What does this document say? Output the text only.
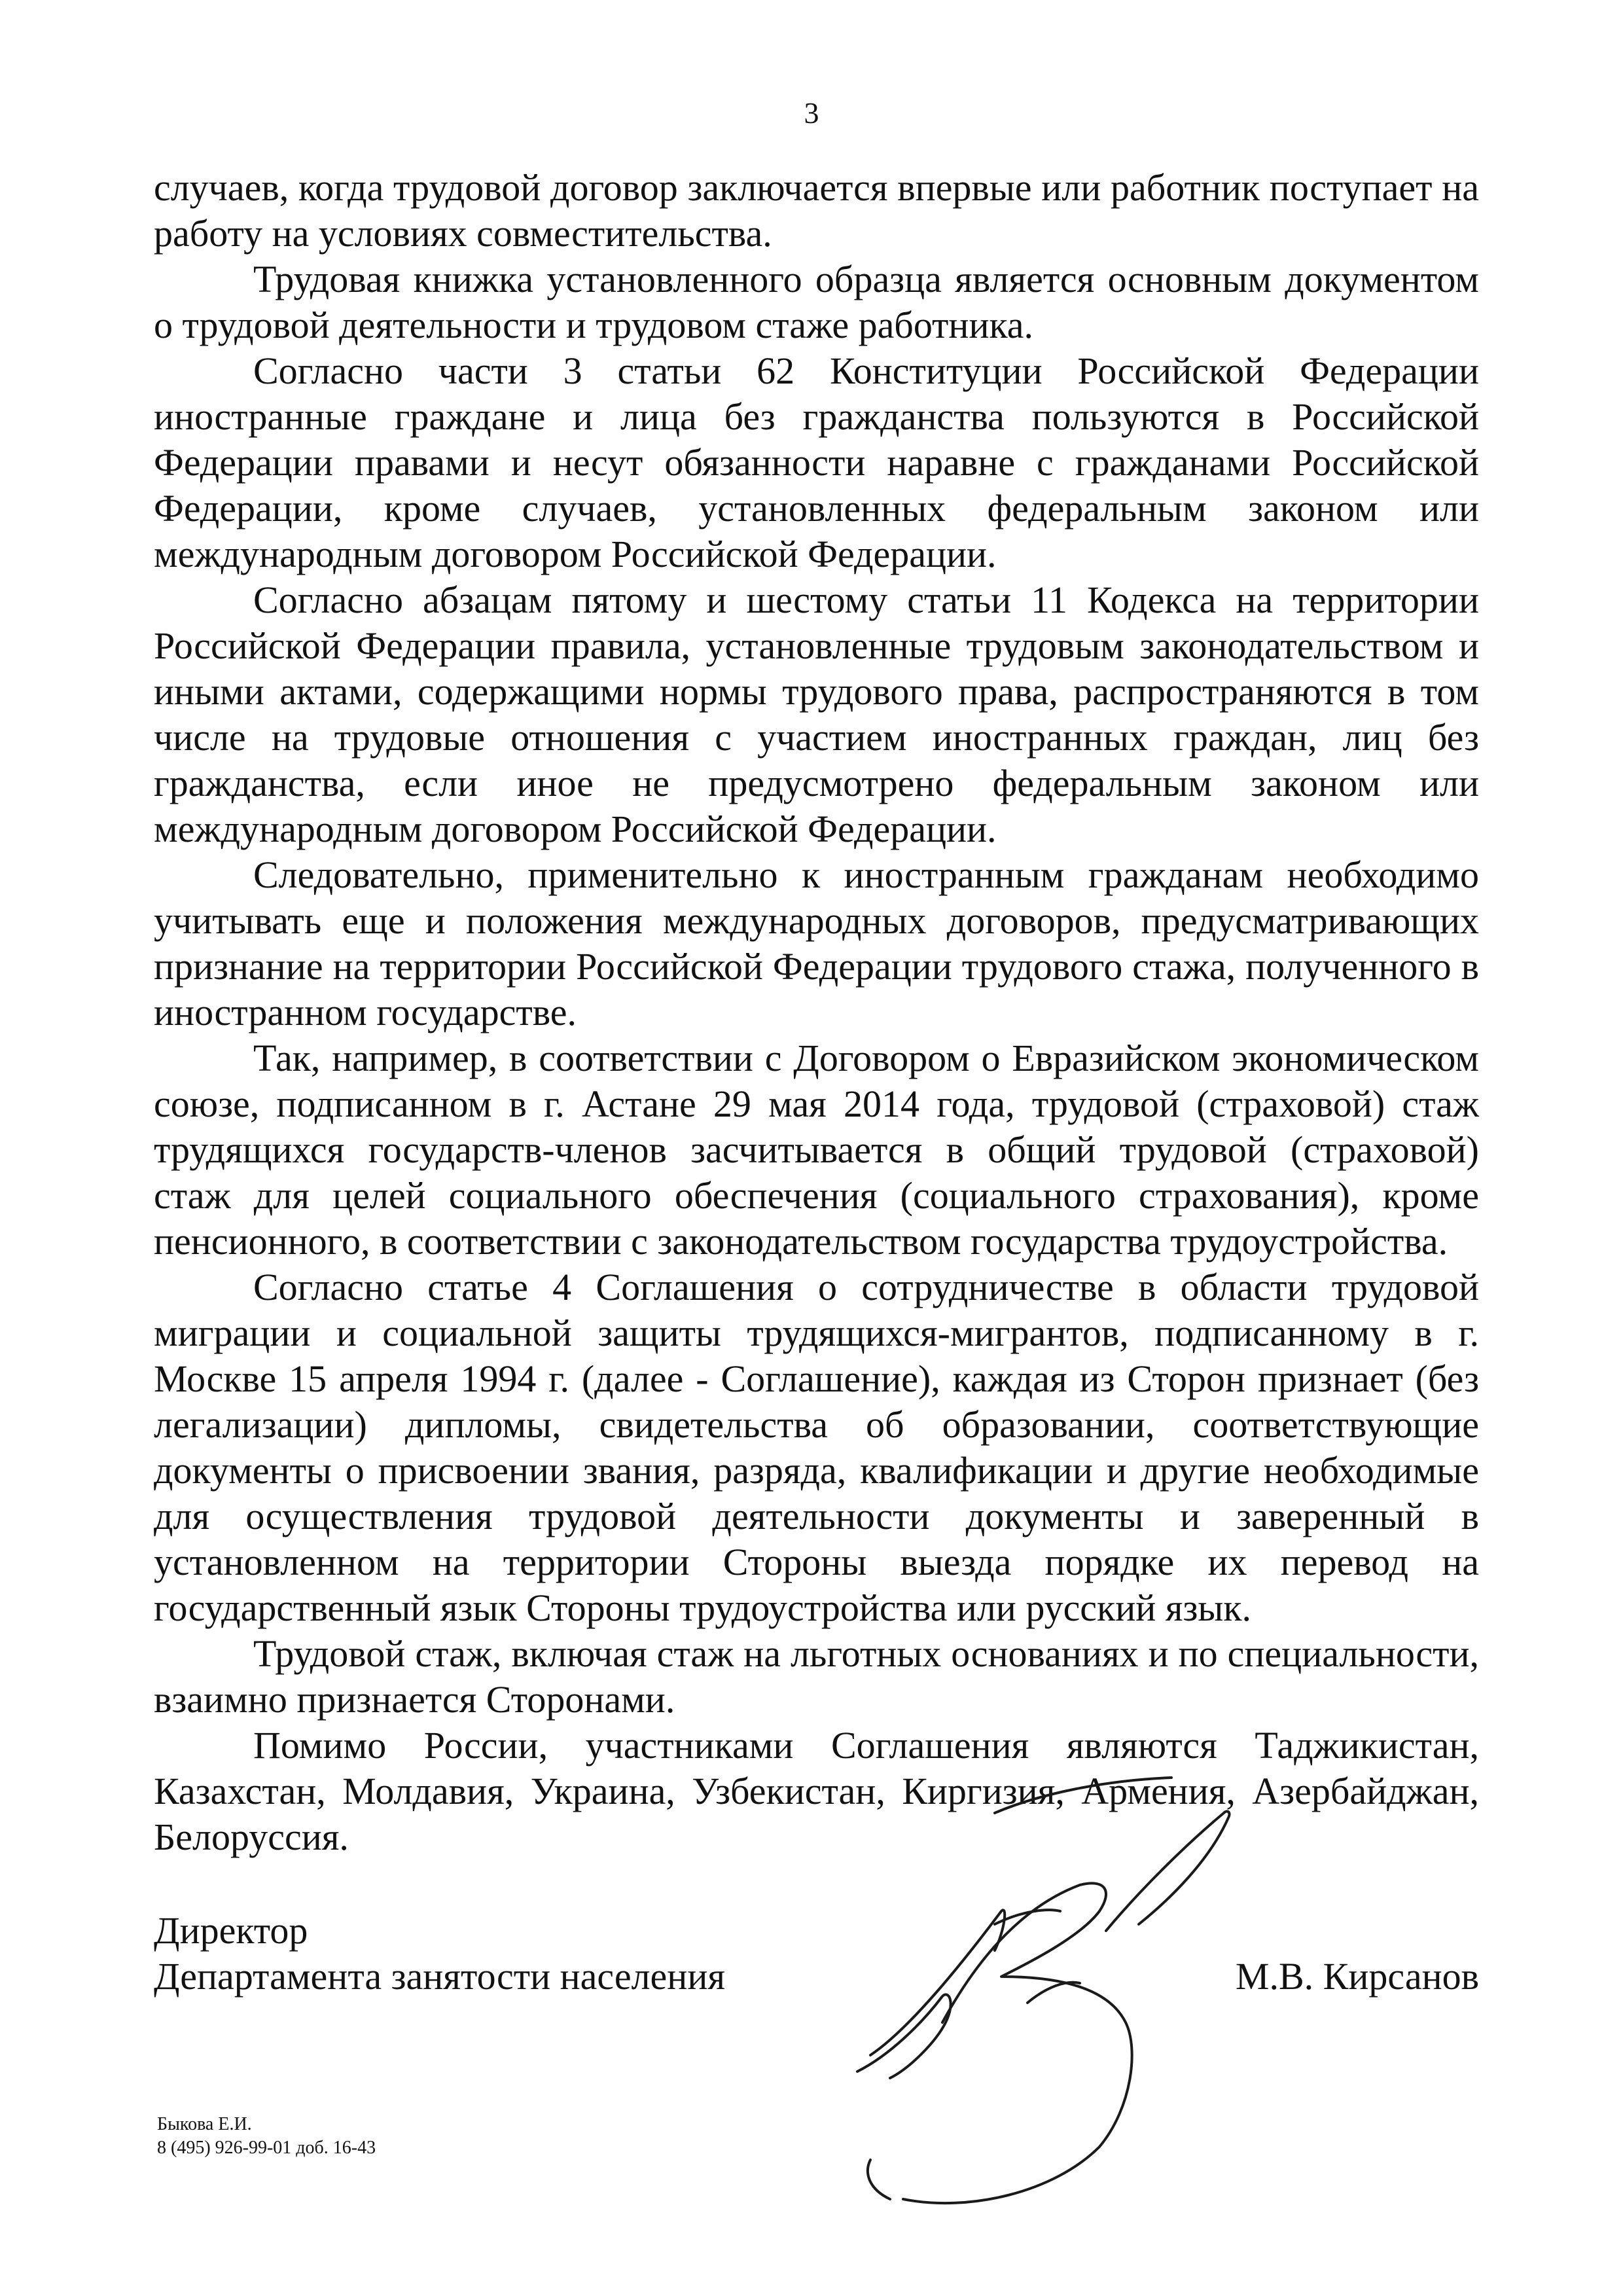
3

случаев, когда трудовой договор заключается впервые или работник поступает на работу на условиях совместительства.

Трудовая книжка установленного образца является основным документом о трудовой деятельности и трудовом стаже работника.

Согласно части 3 статьи 62 Конституции Российской Федерации иностранные граждане и лица без гражданства пользуются в Российской Федерации правами и несут обязанности наравне с гражданами Российской Федерации, кроме случаев, установленных федеральным законом или международным договором Российской Федерации.

Согласно абзацам пятому и шестому статьи 11 Кодекса на территории Российской Федерации правила, установленные трудовым законодательством и иными актами, содержащими нормы трудового права, распространяются в том числе на трудовые отношения с участием иностранных граждан, лиц без гражданства, если иное не предусмотрено федеральным законом или международным договором Российской Федерации.

Следовательно, применительно к иностранным гражданам необходимо учитывать еще и положения международных договоров, предусматривающих признание на территории Российской Федерации трудового стажа, полученного в иностранном государстве.

Так, например, в соответствии с Договором о Евразийском экономическом союзе, подписанном в г. Астане 29 мая 2014 года, трудовой (страховой) стаж трудящихся государств-членов засчитывается в общий трудовой (страховой) стаж для целей социального обеспечения (социального страхования), кроме пенсионного, в соответствии с законодательством государства трудоустройства.

Согласно статье 4 Соглашения о сотрудничестве в области трудовой миграции и социальной защиты трудящихся-мигрантов, подписанному в г. Москве 15 апреля 1994 г. (далее - Соглашение), каждая из Сторон признает (без легализации) дипломы, свидетельства об образовании, соответствующие документы о присвоении звания, разряда, квалификации и другие необходимые для осуществления трудовой деятельности документы и заверенный в установленном на территории Стороны выезда порядке их перевод на государственный язык Стороны трудоустройства или русский язык.

Трудовой стаж, включая стаж на льготных основаниях и по специальности, взаимно признается Сторонами.

Помимо России, участниками Соглашения являются Таджикистан, Казахстан, Молдавия, Украина, Узбекистан, Киргизия, Армения, Азербайджан, Белоруссия.

Директор
Департамента занятости населения	М.В. Кирсанов
Быкова Е.И.
8 (495) 926-99-01 доб. 16-43
